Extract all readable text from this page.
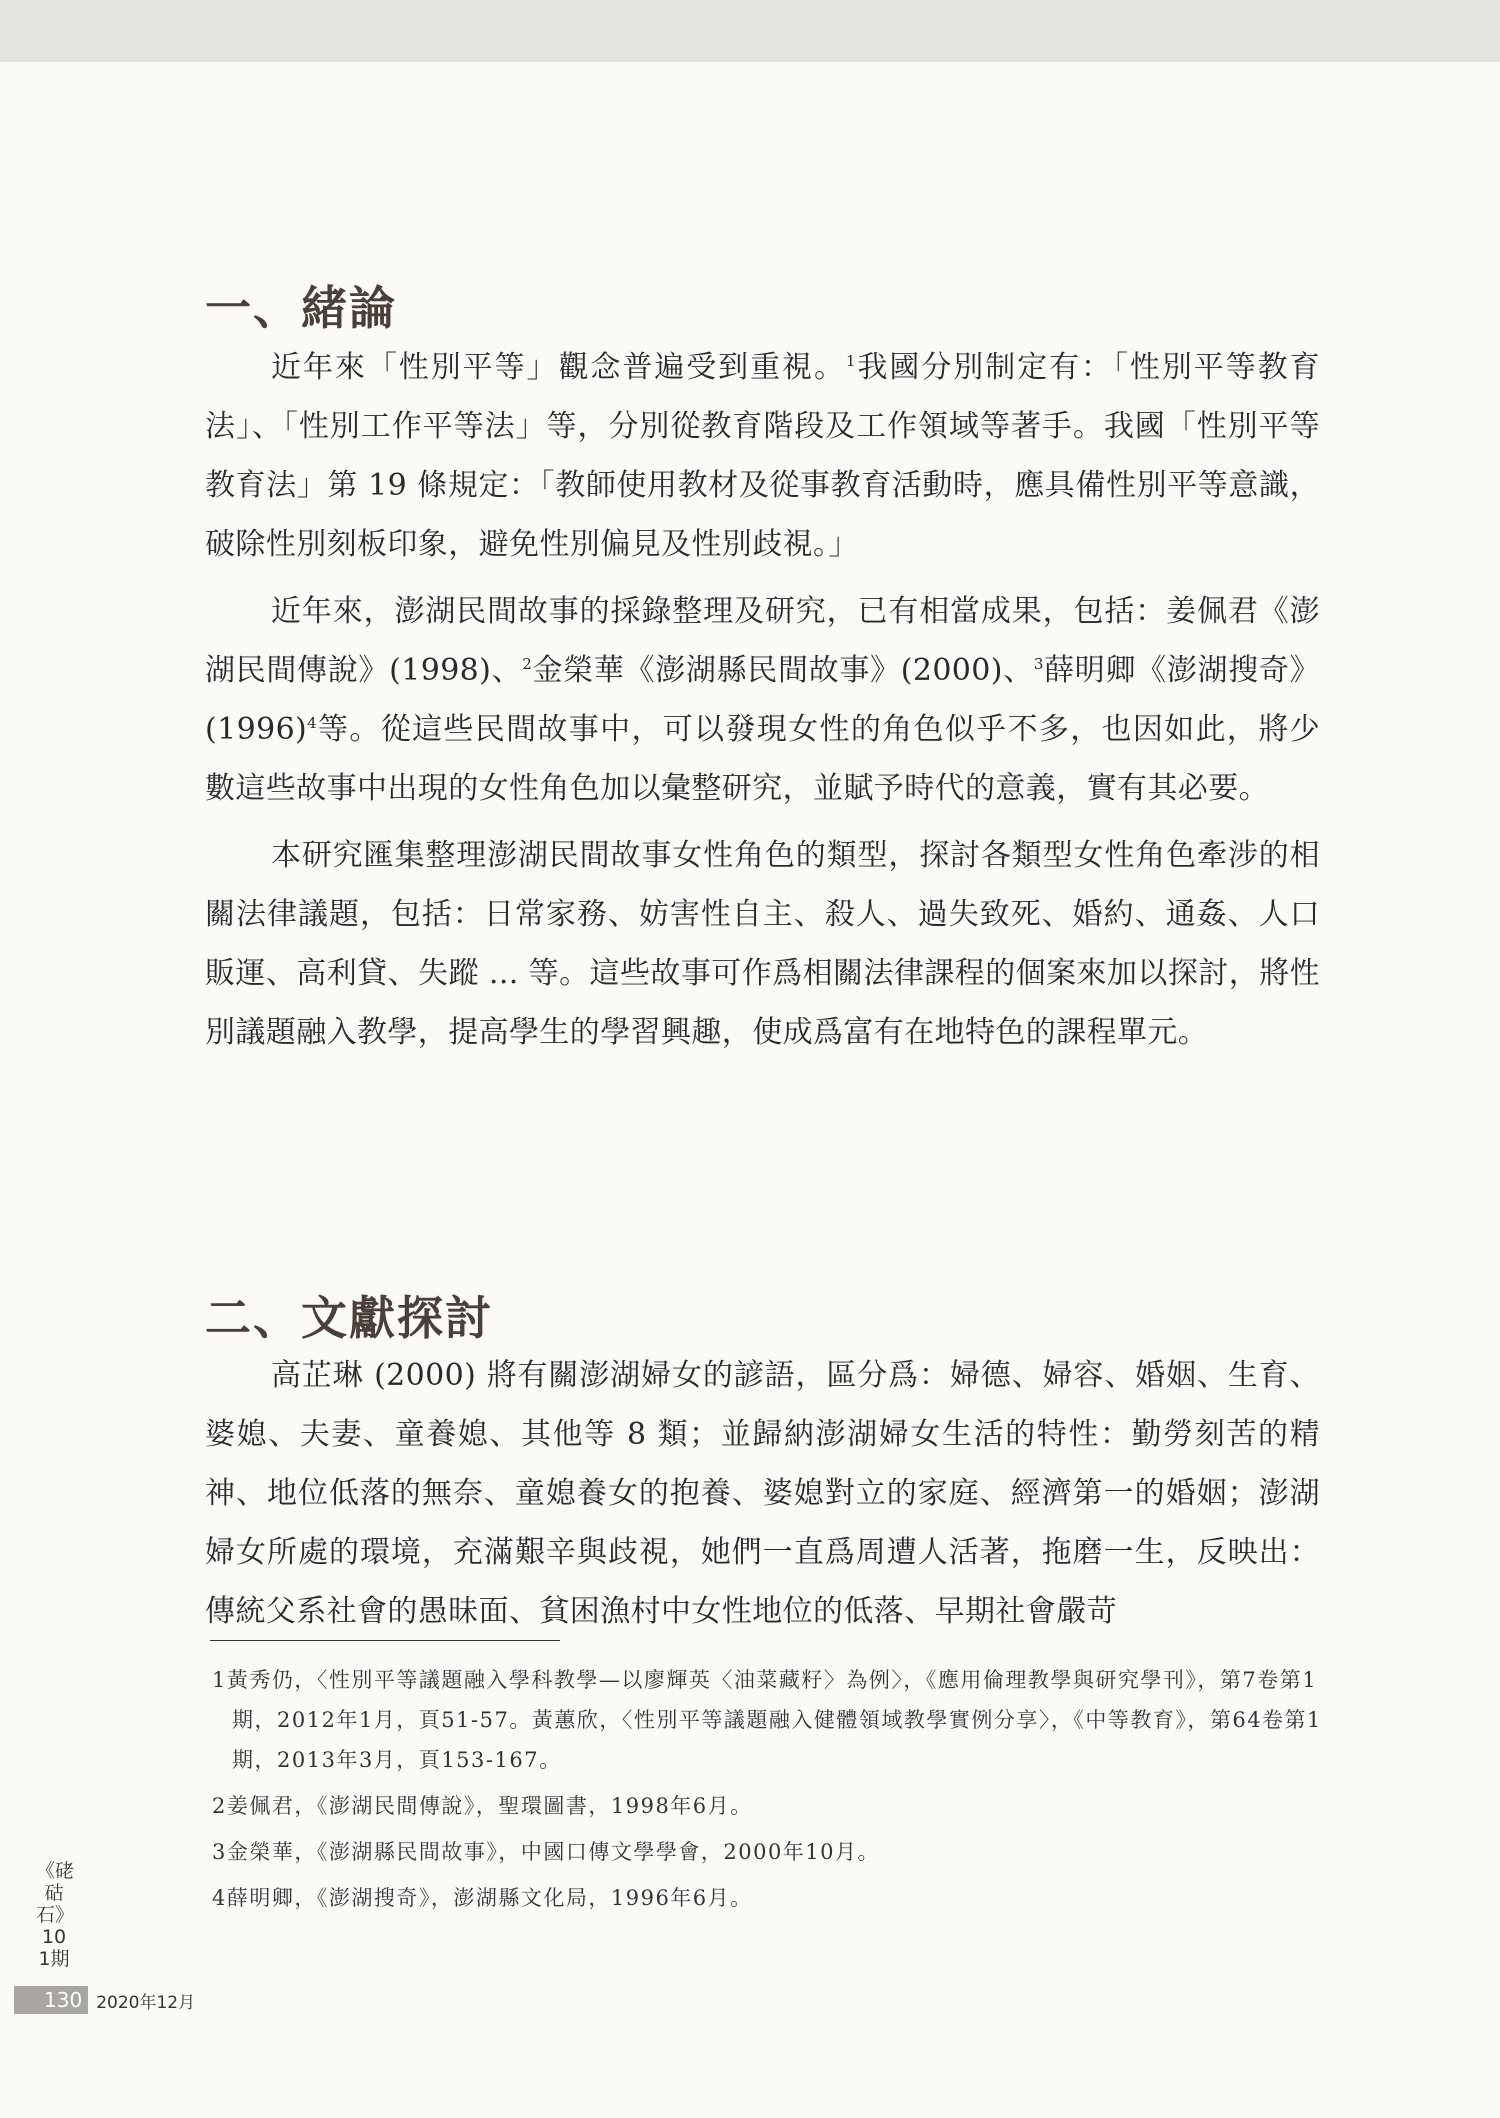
一、緒論

近年來「性別平等」觀念普遍受到重視。$^1$我國分別制定有：「性別平等教育法」、「性別工作平等法」等，分別從教育階段及工作領域等著手。我國「性別平等教育法」第 19 條規定：「教師使用教材及從事教育活動時，應具備性別平等意識，破除性別刻板印象，避免性別偏見及性別歧視。」

近年來，澎湖民間故事的採錄整理及研究，已有相當成果，包括：姜佩君《澎湖民間傳說》(1998)、$^2$金榮華《澎湖縣民間故事》(2000)、$^3$薛明卿《澎湖搜奇》$(1996)^4$等。從這些民間故事中，可以發現女性的角色似乎不多，也因如此，將少數這些故事中出現的女性角色加以彙整研究，並賦予時代的意義，實有其必要。

本研究匯集整理澎湖民間故事女性角色的類型，探討各類型女性角色牽涉的相關法律議題，包括：日常家務、妨害性自主、殺人、過失致死、婚約、通姦、人口販運、高利貸、失蹤 ... 等。這些故事可作爲相關法律課程的個案來加以探討，將性別議題融入教學，提高學生的學習興趣，使成爲富有在地特色的課程單元。

二、文獻探討

高芷琳 (2000) 將有關澎湖婦女的諺語，區分爲：婦德、婦容、婚姻、生育、婆媳、夫妻、童養媳、其他等 8 類；並歸納澎湖婦女生活的特性：勤勞刻苦的精神、地位低落的無奈、童媳養女的抱養、婆媳對立的家庭、經濟第一的婚姻；澎湖婦女所處的環境，充滿艱辛與歧視，她們一直爲周遭人活著，拖磨一生，反映出：傳統父系社會的愚昧面、貧困漁村中女性地位的低落、早期社會嚴苛

1黃秀仍，〈性別平等議題融入學科教學—以廖輝英〈油菜藏籽〉為例〉，《應用倫理教學與研究學刊》，第7卷第1期，2012年1月，頁51-57。黃蕙欣，〈性別平等議題融入健體領域教學實例分享〉，《中等教育》，第64卷第1期，2013年3月，頁153-167。

2姜佩君，《澎湖民間傳說》，聖環圖書，1998年6月。

3金榮華，《澎湖縣民間故事》，中國口傳文學學會，2000年10月。

4薛明卿，《澎湖搜奇》，澎湖縣文化局，1996年6月。

《硓𥑮石》
101期
130 2020年12月
